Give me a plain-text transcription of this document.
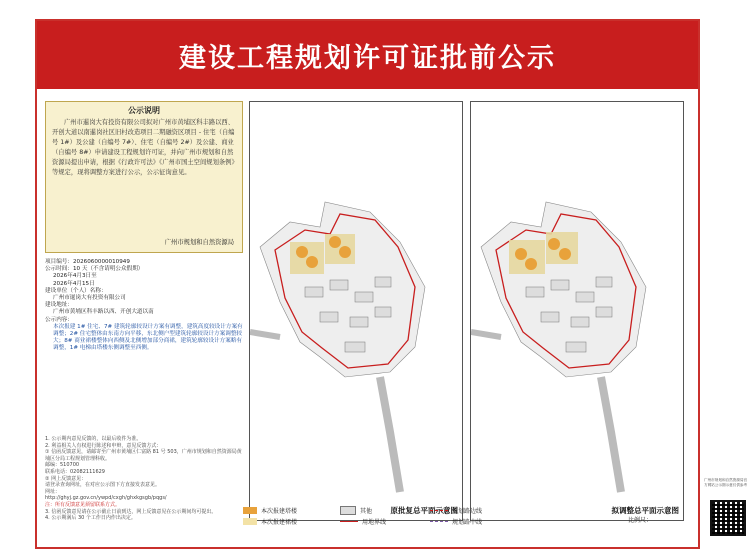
建设工程规划许可证批前公示
公示说明
广州市暹岗大有投资有限公司拟对广州市黄埔区科丰路以西、开创大道以南暹岗社区旧村改造项目二期融资区项目 - 住宅（自编号 1#）及公建（自编号 7#）、住宅（自编号 2#）及公建、商业（自编号 8#）申请建设工程规划许可证，并向广州市规划和自然资源局提出申请，根据《行政许可法》《广州市国土空间规划条例》等规定，现将调整方案进行公示，公示征询意见。
广州市规划和自然资源局
项目编号：2026060000010949
公示时间：10 天（不含请明公众假期）
2026年4月3日至
2026年4月15日
建设单位（个人）名称：
广州市暹岗大有投资有限公司
建设地址：
广州市黄埔区科丰路以西、开创大道以南
公示内容：
本次报建 1# 住宅、7# 建筑轮廓较设计方案有调整，建筑高度较设计方案有调整；2# 住宅整体由东南方向平移，东北侧户型建筑轮廓较设计方案调整较大；8# 商业裙楼整体向西侧及北侧增加部分商裙，建筑轮廓较设计方案略有调整，1# 电梯由塔楼东侧调整至西侧。
1. 公示期内意见反馈的，以最后收件为准。
2. 利益相关人有权进行陈述和申辩，意见反馈方式：
① 信函反馈意见，请邮寄至广州市黄埔区仁富路 81 号 503，广州市规划和自然资源局黄埔区分局工程规划管理科收。
邮编：510700
联系电话：02082111629
② 网上反馈意见：
请登录查询网址，在对应公示图下方直接发表意见。
网址：
http://ghyj.gz.gov.cn/ywpd/cxgh/ghxkgsgb/pqgs/
注：所有反馈意见须留联系方式。
3. 信函反馈意见请在公示截止日前到达，网上反馈意见在公示期间均可提出。
4. 公示期满后 30 个工作日内作出决定。
原批复总平面示意图	拟调整总平面示意图
本次报建塔楼
本次报建裙楼
其他
用地界线
规划路边线
规划路中线	比例尺：
广州市规划和自然资源局官方网站公示图示意仅供参考
